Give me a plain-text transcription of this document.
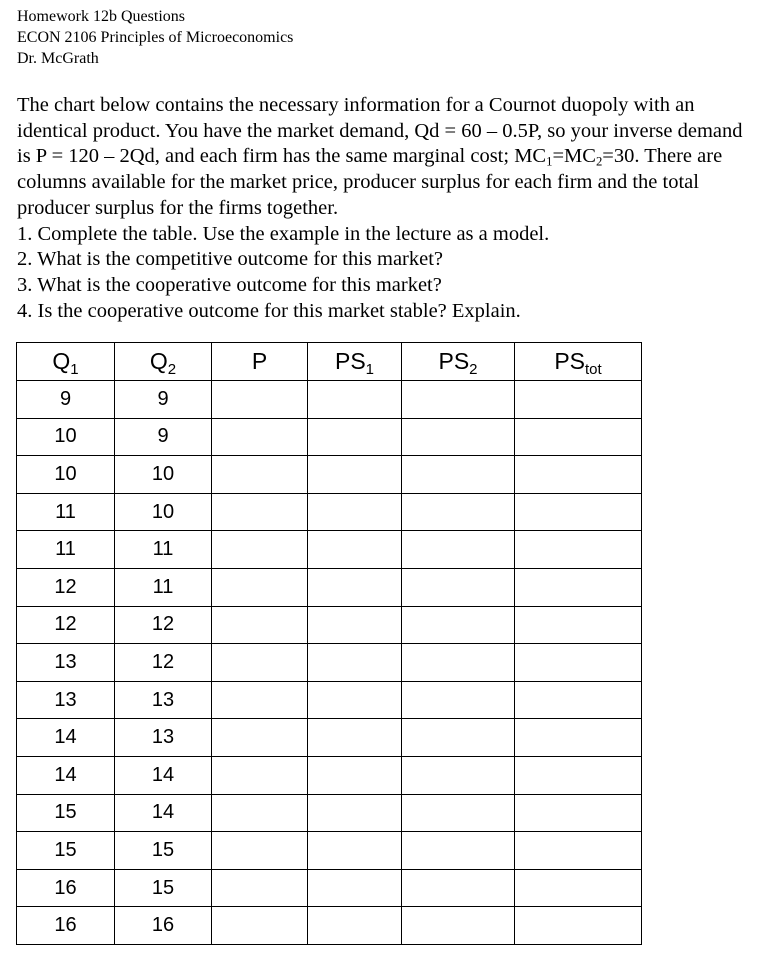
Homework 12b Questions
ECON 2106 Principles of Microeconomics
Dr. McGrath

The chart below contains the necessary information for a Cournot duopoly with an identical product. You have the market demand, Qd = 60 – 0.5P, so your inverse demand is P = 120 – 2Qd, and each firm has the same marginal cost; $MC_1=MC_2=30$. There are columns available for the market price, producer surplus for each firm and the total producer surplus for the firms together.

1. Complete the table. Use the example in the lecture as a model.
2. What is the competitive outcome for this market?
3. What is the cooperative outcome for this market?
4. Is the cooperative outcome for this market stable? Explain.
$Q_1$	$Q_2$	P	$PS_1$	$PS_2$	$PS_{tot}$
9	9				
10	9				
10	10				
11	10				
11	11				
12	11				
12	12				
13	12				
13	13				
14	13				
14	14				
15	14				
15	15				
16	15				
16	16				
